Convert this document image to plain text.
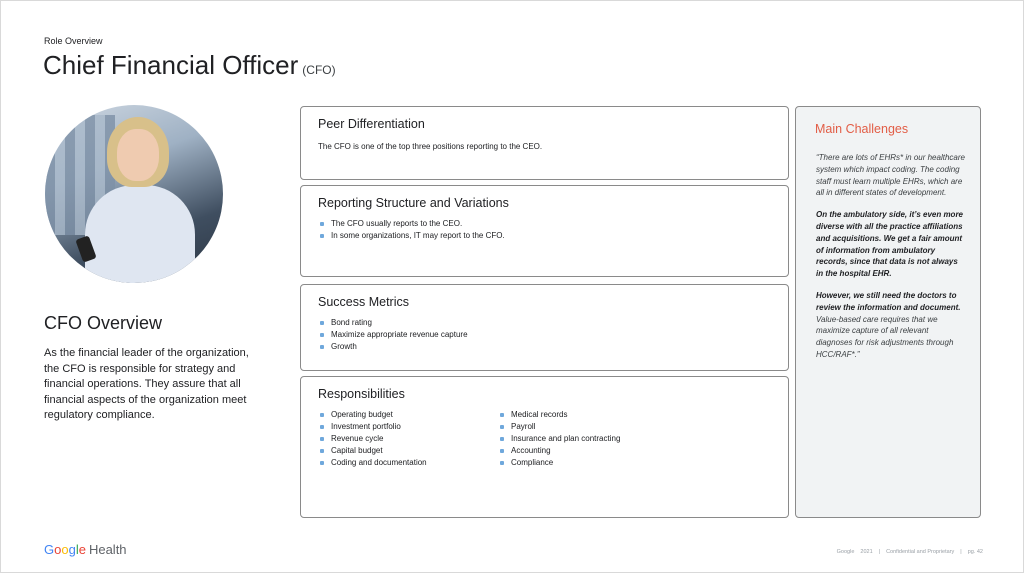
Role Overview
Chief Financial Officer (CFO)
CFO Overview
As the financial leader of the organization, the CFO is responsible for strategy and financial operations. They assure that all financial aspects of the organization meet regulatory compliance.
Peer Differentiation
The CFO is one of the top three positions reporting to the CEO.
Reporting Structure and Variations
The CFO usually reports to the CEO.
In some organizations, IT may report to the CFO.
Success Metrics
Bond rating
Maximize appropriate revenue capture
Growth
Responsibilities
Operating budget
Investment portfolio
Revenue cycle
Capital budget
Coding and documentation
Medical records
Payroll
Insurance and plan contracting
Accounting
Compliance
Main Challenges

“There are lots of EHRs* in our healthcare system which impact coding. The coding staff must learn multiple EHRs, which are all in different states of development.

On the ambulatory side, it’s even more diverse with all the practice affiliations and acquisitions. We get a fair amount of information from ambulatory records, since that data is not always in the hospital EHR.

However, we still need the doctors to review the information and document. Value-based care requires that we maximize capture of all relevant diagnoses for risk adjustments through HCC/RAF*.”

Google Health	Google 2021 | Confidential and Proprietary | pg. 42
